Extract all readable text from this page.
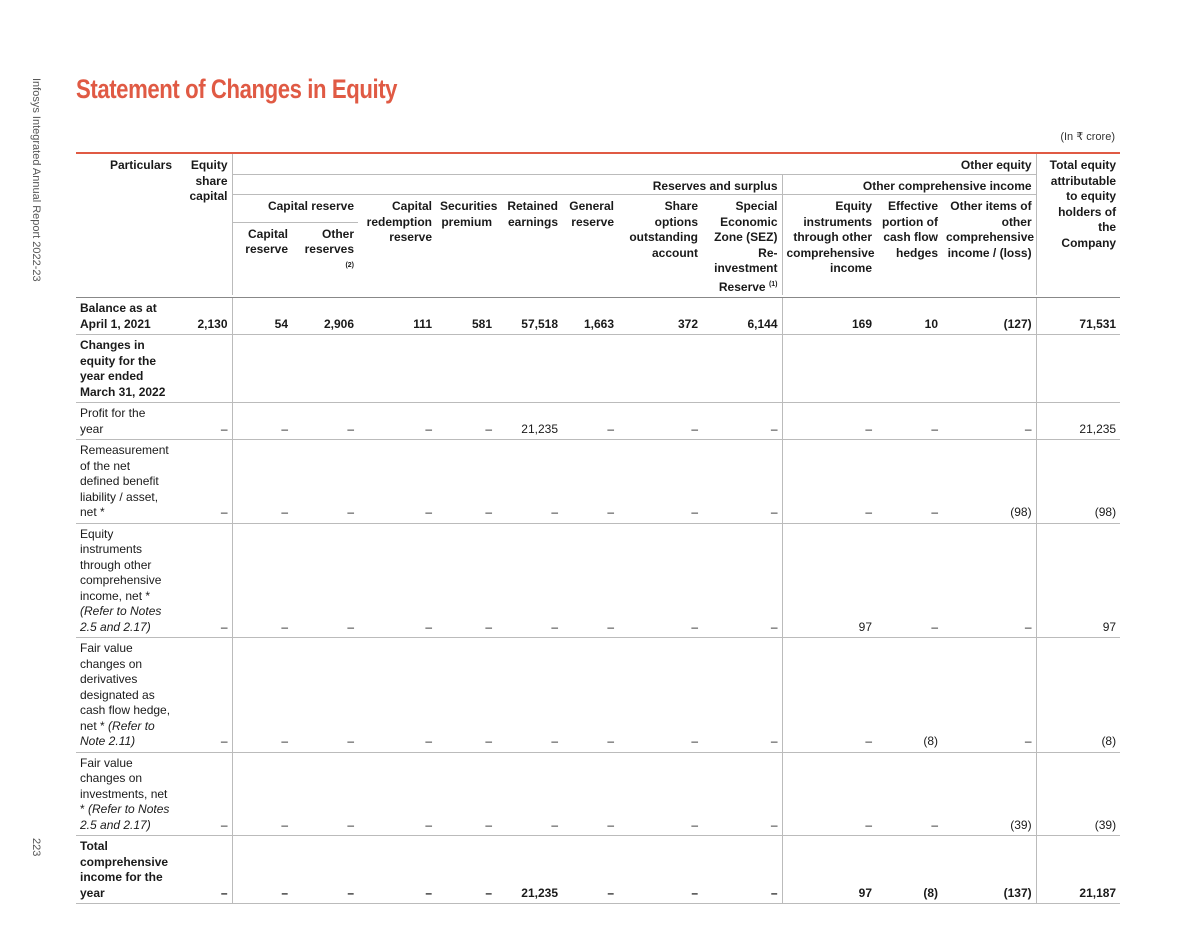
Infosys Integrated Annual Report 2022-23
223
Statement of Changes in Equity
(In ₹ crore)
Particulars	Equity share capital	Other equity											Total equity attributable to equity holders of the Company
		Reserves and surplus								Other comprehensive income			
		Capital reserve		Capital redemption reserve	Securities premium	Retained earnings	General reserve	Share options outstanding account	Special Economic Zone (SEZ) Re-investment Reserve $^{(1)}$	Equity instruments through other comprehensive income	Effective portion of cash flow hedges	Other items of other comprehensive income / (loss)	
		Capital reserve	Other reserves $^{(2)}$

Balance as at April 1, 2021	2,130	54	2,906	111	581	57,518	1,663	372	6,144	169	10	(127)	71,531
Changes in equity for the year ended March 31, 2022													
Profit for the year	–	–	–	–	–	21,235	–	–	–	–	–	–	21,235
Remeasurement of the net defined benefit liability / asset, net *	–	–	–	–	–	–	–	–	–	–	–	(98)	(98)
Equity instruments through other comprehensive income, net * (Refer to Notes 2.5 and 2.17)	–	–	–	–	–	–	–	–	–	97	–	–	97
Fair value changes on derivatives designated as cash flow hedge, net * (Refer to Note 2.11)	–	–	–	–	–	–	–	–	–	–	(8)	–	(8)
Fair value changes on investments, net * (Refer to Notes 2.5 and 2.17)	–	–	–	–	–	–	–	–	–	–	–	(39)	(39)
Total comprehensive income for the year	–	–	–	–	–	21,235	–	–	–	97	(8)	(137)	21,187
